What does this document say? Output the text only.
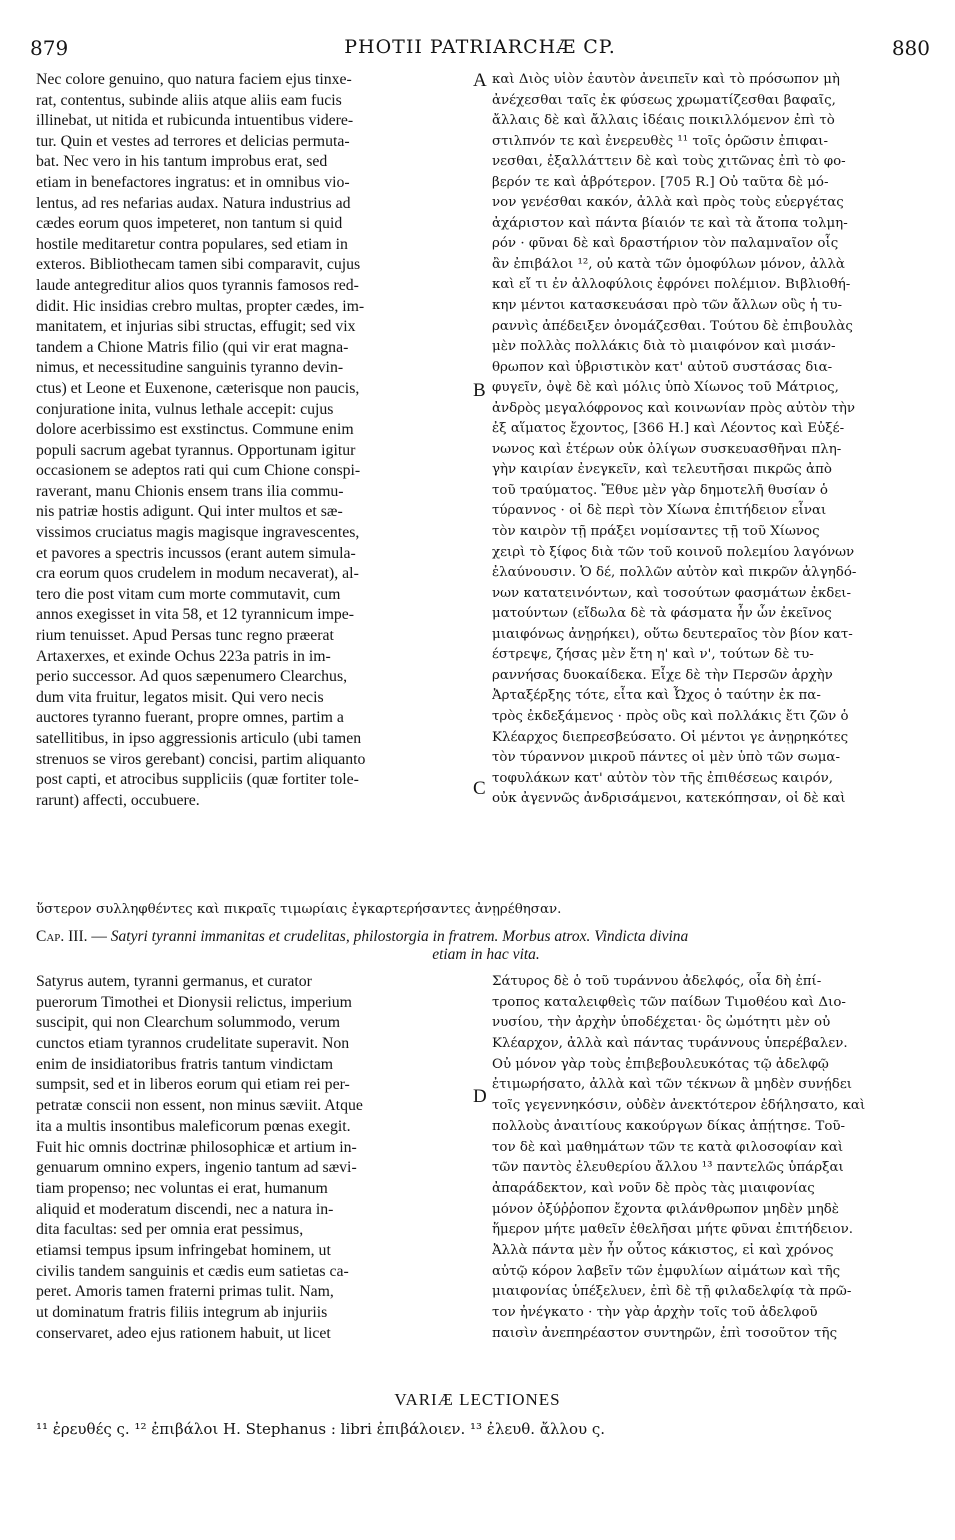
879	PHOTII PATRIARCHÆ CP.	880
Nec colore genuino, quo natura faciem ejus tinxe-
rat, contentus, subinde aliis atque aliis eam fucis
illinebat, ut nitida et rubicunda intuentibus videre-
tur. Quin et vestes ad terrores et delicias permuta-
bat. Nec vero in his tantum improbus erat, sed
etiam in benefactores ingratus: et in omnibus vio-
lentus, ad res nefarias audax. Natura industrius ad
cædes eorum quos impeteret, non tantum si quid
hostile meditaretur contra populares, sed etiam in
exteros. Bibliothecam tamen sibi comparavit, cujus
laude antegreditur alios quos tyrannis famosos red-
didit. Hic insidias crebro multas, propter cædes, im-
manitatem, et injurias sibi structas, effugit; sed vix
tandem a Chione Matris filio (qui vir erat magna-
nimus, et necessitudine sanguinis tyranno devin-
ctus) et Leone et Euxenone, cæterisque non paucis,
conjuratione inita, vulnus lethale accepit: cujus
dolore acerbissimo est exstinctus. Commune enim
populi sacrum agebat tyrannus. Opportunam igitur
occasionem se adeptos rati qui cum Chione conspi-
raverant, manu Chionis ensem trans ilia commu-
nis patriæ hostis adigunt. Qui inter multos et sæ-
vissimos cruciatus magis magisque ingravescentes,
et pavores a spectris incussos (erant autem simula-
cra eorum quos crudelem in modum necaverat), al-
tero die post vitam cum morte commutavit, cum
annos exegisset in vita 58, et 12 tyrannicum impe-
rium tenuisset. Apud Persas tunc regno præerat
Artaxerxes, et exinde Ochus 223a patris in im-
perio successor. Ad quos sæpenumero Clearchus,
dum vita fruitur, legatos misit. Qui vero necis
auctores tyranno fuerant, propre omnes, partim a
satellitibus, in ipso aggressionis articulo (ubi tamen
strenuos se viros gerebant) concisi, partim aliquanto
post capti, et atrocibus suppliciis (quæ fortiter tole-
rarunt) affecti, occubuere.
καὶ Διὸς υἱὸν ἑαυτὸν ἀνειπεῖν καὶ τὸ πρόσωπον μὴ
ἀνέχεσθαι ταῖς ἐκ φύσεως χρωματίζεσθαι βαφαῖς,
ἄλλαις δὲ καὶ ἄλλαις ἰδέαις ποικιλλόμενον ἐπὶ τὸ
στιλπνόν τε καὶ ἐνερευθὲς ¹¹ τοῖς ὁρῶσιν ἐπιφαι-
νεσθαι, ἐξαλλάττειν δὲ καὶ τοὺς χιτῶνας ἐπὶ τὸ φο-
βερόν τε καὶ ἁβρότερον. [705 R.] Οὐ ταῦτα δὲ μό-
νον γενέσθαι κακόν, ἀλλὰ καὶ πρὸς τοὺς εὐεργέτας
ἀχάριστον καὶ πάντα βίαιόν τε καὶ τὰ ἄτοπα τολμη-
ρόν · φῦναι δὲ καὶ δραστήριον τὸν παλαμναῖον οἷς
ἂν ἐπιβάλοι ¹², οὐ κατὰ τῶν ὁμοφύλων μόνον, ἀλλὰ
καὶ εἴ τι ἐν ἀλλοφύλοις ἐφρόνει πολέμιον. Βιβλιοθή-
κην μέντοι κατασκευάσαι πρὸ τῶν ἄλλων οὓς ἡ τυ-
ραννὶς ἀπέδειξεν ὀνομάζεσθαι. Τούτου δὲ ἐπιβουλὰς
μὲν πολλὰς πολλάκις διὰ τὸ μιαιφόνον καὶ μισάν-
θρωπον καὶ ὑβριστικὸν κατ' αὐτοῦ συστάσας δια-
φυγεῖν, ὀψὲ δὲ καὶ μόλις ὑπὸ Χίωνος τοῦ Μάτριος,
ἀνδρὸς μεγαλόφρονος καὶ κοινωνίαν πρὸς αὐτὸν τὴν
ἐξ αἵματος ἔχοντος, [366 H.] καὶ Λέοντος καὶ Εὐξέ-
νωνος καὶ ἑτέρων οὐκ ὀλίγων συσκευασθῆναι πλη-
γὴν καιρίαν ἐνεγκεῖν, καὶ τελευτῆσαι πικρῶς ἀπὸ
τοῦ τραύματος. Ἔθυε μὲν γὰρ δημοτελῆ θυσίαν ὁ
τύραννος · οἱ δὲ περὶ τὸν Χίωνα ἐπιτήδειον εἶναι
τὸν καιρὸν τῇ πράξει νομίσαντες τῇ τοῦ Χίωνος
χειρὶ τὸ ξίφος διὰ τῶν τοῦ κοινοῦ πολεμίου λαγόνων
ἐλαύνουσιν. Ὁ δέ, πολλῶν αὐτὸν καὶ πικρῶν ἀλγηδό-
νων κατατεινόντων, καὶ τοσούτων φασμάτων ἐκδει-
ματούντων (εἴδωλα δὲ τὰ φάσματα ἦν ὧν ἐκεῖνος
μιαιφόνως ἀνῃρήκει), οὕτω δευτεραῖος τὸν βίον κατ-
έστρεψε, ζήσας μὲν ἔτη η' καὶ ν', τούτων δὲ τυ-
ραννήσας δυοκαίδεκα. Εἶχε δὲ τὴν Περσῶν ἀρχὴν
Ἀρταξέρξης τότε, εἶτα καὶ Ὦχος ὁ ταύτην ἐκ πα-
τρὸς ἐκδεξάμενος · πρὸς οὓς καὶ πολλάκις ἔτι ζῶν ὁ
Κλέαρχος διεπρεσβεύσατο. Οἱ μέντοι γε ἀνῃρηκότες
τὸν τύραννον μικροῦ πάντες οἱ μὲν ὑπὸ τῶν σωμα-
τοφυλάκων κατ' αὐτὸν τὸν τῆς ἐπιθέσεως καιρόν,
οὐκ ἀγεννῶς ἀνδρισάμενοι, κατεκόπησαν, οἱ δὲ καὶ
A
B
C
D
ὕστερον συλληφθέντες καὶ πικραῖς τιμωρίαις ἐγκαρτερήσαντες ἀνῃρέθησαν.
Cap. III. — Satyri tyranni immanitas et crudelitas, philostorgia in fratrem. Morbus atrox. Vindicta divina
etiam in hac vita.
Satyrus autem, tyranni germanus, et curator
puerorum Timothei et Dionysii relictus, imperium
suscipit, qui non Clearchum solummodo, verum
cunctos etiam tyrannos crudelitate superavit. Non
enim de insidiatoribus fratris tantum vindictam
sumpsit, sed et in liberos eorum qui etiam rei per-
petratæ conscii non essent, non minus sæviit. Atque
ita a multis insontibus maleficorum pœnas exegit.
Fuit hic omnis doctrinæ philosophicæ et artium in-
genuarum omnino expers, ingenio tantum ad sævi-
tiam propenso; nec voluntas ei erat, humanum
aliquid et moderatum discendi, nec a natura in-
dita facultas: sed per omnia erat pessimus,
etiamsi tempus ipsum infringebat hominem, ut
civilis tandem sanguinis et cædis eum satietas ca-
peret. Amoris tamen fraterni primas tulit. Nam,
ut dominatum fratris filiis integrum ab injuriis
conservaret, adeo ejus rationem habuit, ut licet
Σάτυρος δὲ ὁ τοῦ τυράννου ἀδελφός, οἷα δὴ ἐπί-
τροπος καταλειφθεὶς τῶν παίδων Τιμοθέου καὶ Διο-
νυσίου, τὴν ἀρχὴν ὑποδέχεται· ὃς ὠμότητι μὲν οὐ
Κλέαρχον, ἀλλὰ καὶ πάντας τυράννους ὑπερέβαλεν.
Οὐ μόνον γὰρ τοὺς ἐπιβεβουλευκότας τῷ ἀδελφῷ
ἐτιμωρήσατο, ἀλλὰ καὶ τῶν τέκνων ἃ μηδὲν συνῄδει
τοῖς γεγεννηκόσιν, οὐδὲν ἀνεκτότερον ἐδήλησατο, καὶ
πολλοὺς ἀναιτίους κακούργων δίκας ἀπῄτησε. Τοῦ-
τον δὲ καὶ μαθημάτων τῶν τε κατὰ φιλοσοφίαν καὶ
τῶν παντὸς ἐλευθερίου ἄλλου ¹³ παντελῶς ὑπάρξαι
ἀπαράδεκτον, καὶ νοῦν δὲ πρὸς τὰς μιαιφονίας
μόνον ὀξύῤῥοπον ἔχοντα φιλάνθρωπον μηδὲν μηδὲ
ἥμερον μήτε μαθεῖν ἐθελῆσαι μήτε φῦναι ἐπιτήδειον.
Ἀλλὰ πάντα μὲν ἦν οὗτος κάκιστος, εἰ καὶ χρόνος
αὐτῷ κόρον λαβεῖν τῶν ἐμφυλίων αἱμάτων καὶ τῆς
μιαιφονίας ὑπέξελυεν, ἐπὶ δὲ τῇ φιλαδελφίᾳ τὰ πρῶ-
τον ἠνέγκατο · τὴν γὰρ ἀρχὴν τοῖς τοῦ ἀδελφοῦ
παισὶν ἀνεπηρέαστον συντηρῶν, ἐπὶ τοσοῦτον τῆς
VARIÆ LECTIONES
¹¹ ἐρευθές ς. ¹² ἐπιβάλοι H. Stephanus : libri ἐπιβάλοιεν. ¹³ ἐλευθ. ἄλλου ς.
